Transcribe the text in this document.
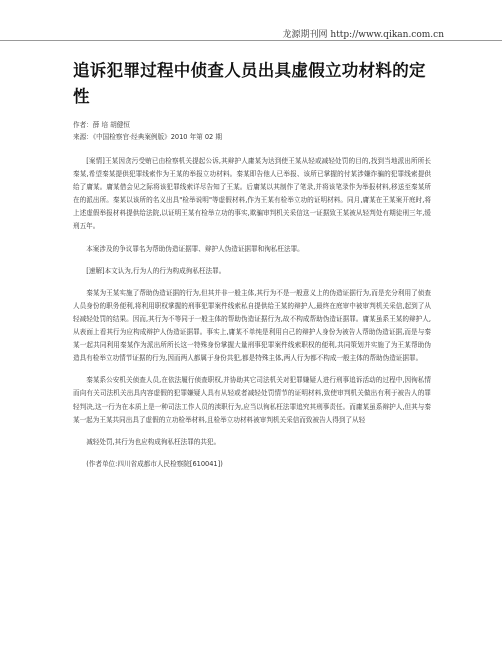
龙源期刊网 http://www.qikan.com.cn
追诉犯罪过程中侦查人员出具虚假立功材料的定性
作者：薛 培 胡健恒
来源：《中国检察官·经典案例版》2010 年第 02 期

[案情]王某因贪污受贿已由检察机关提起公诉,其辩护人庸某为达到使王某从轻或减轻处罚的目的,找到当地派出所所长秦某,希望秦某提供犯罪线索作为王某的举报立功材料。秦某即告他人已举报、该所已掌握的付某涉嫌诈骗的犯罪线索提供给了庸某。庸某借会见之际将该犯罪线索详尽告知了王某。后庸某以其制作了笔录,并将该笔录作为举报材料,移送至秦某所在的派出所。秦某以该所的名义出具"检举说明"等虚假材料,作为王某有检举立功的证明材料。同月,庸某在王某案开庭时,将上述虚假举报材料提供给法院,以证明王某有检举立功的事实,欺骗审判机关采信这一证据致王某被从轻判处有期徒刑三年,缓刑五年。

本案涉及的争议罪名为帮助伪造证据罪、辩护人伪造证据罪和徇私枉法罪。

[速解]本文认为,行为人的行为构成徇私枉法罪。

秦某为王某实施了帮助伪造证据的行为,但其并非一般主体,其行为不是一般意义上的伪造证据行为,而是充分利用了侦查人员身份的职务便利,将利用职权掌握的刑事犯罪案件线索私自提供给王某的辩护人,最终在庭审中被审判机关采信,起到了从轻减轻处罚的结果。因而,其行为不等同于一般主体的帮助伪造证据行为,故不构成帮助伪造证据罪。庸某虽系王某的辩护人,从表面上看其行为应构成辩护人伪造证据罪。事实上,庸某不单纯是利用自己的辩护人身份为被告人帮助伪造证据,而是与秦某一起共同利用秦某作为派出所所长这一特殊身份掌握大量刑事犯罪案件线索职权的便利,共同策划并实施了为王某帮助伪造具有检举立功情节证据的行为,因而两人都属于身份共犯,都是特殊主体,两人行为都不构成一般主体的帮助伪造证据罪。

秦某系公安机关侦查人员,在依法履行侦查职权,并协助其它司法机关对犯罪嫌疑人进行刑事追诉活动的过程中,因徇私情而向有关司法机关出具内容虚假的犯罪嫌疑人具有从轻或者减轻处罚情节的证明材料,致使审判机关做出有利于被告人的罪轻判决,这一行为在本质上是一种司法工作人员的渎职行为,应当以徇私枉法罪追究其刑事责任。而庸某虽系辩护人,但其与秦某一起为王某共同出具了虚假的立功检举材料,且检举立功材料被审判机关采信而致被告人得到了从轻

减轻处罚,其行为也应构成徇私枉法罪的共犯。

(作者单位:四川省成都市人民检察院[610041])
